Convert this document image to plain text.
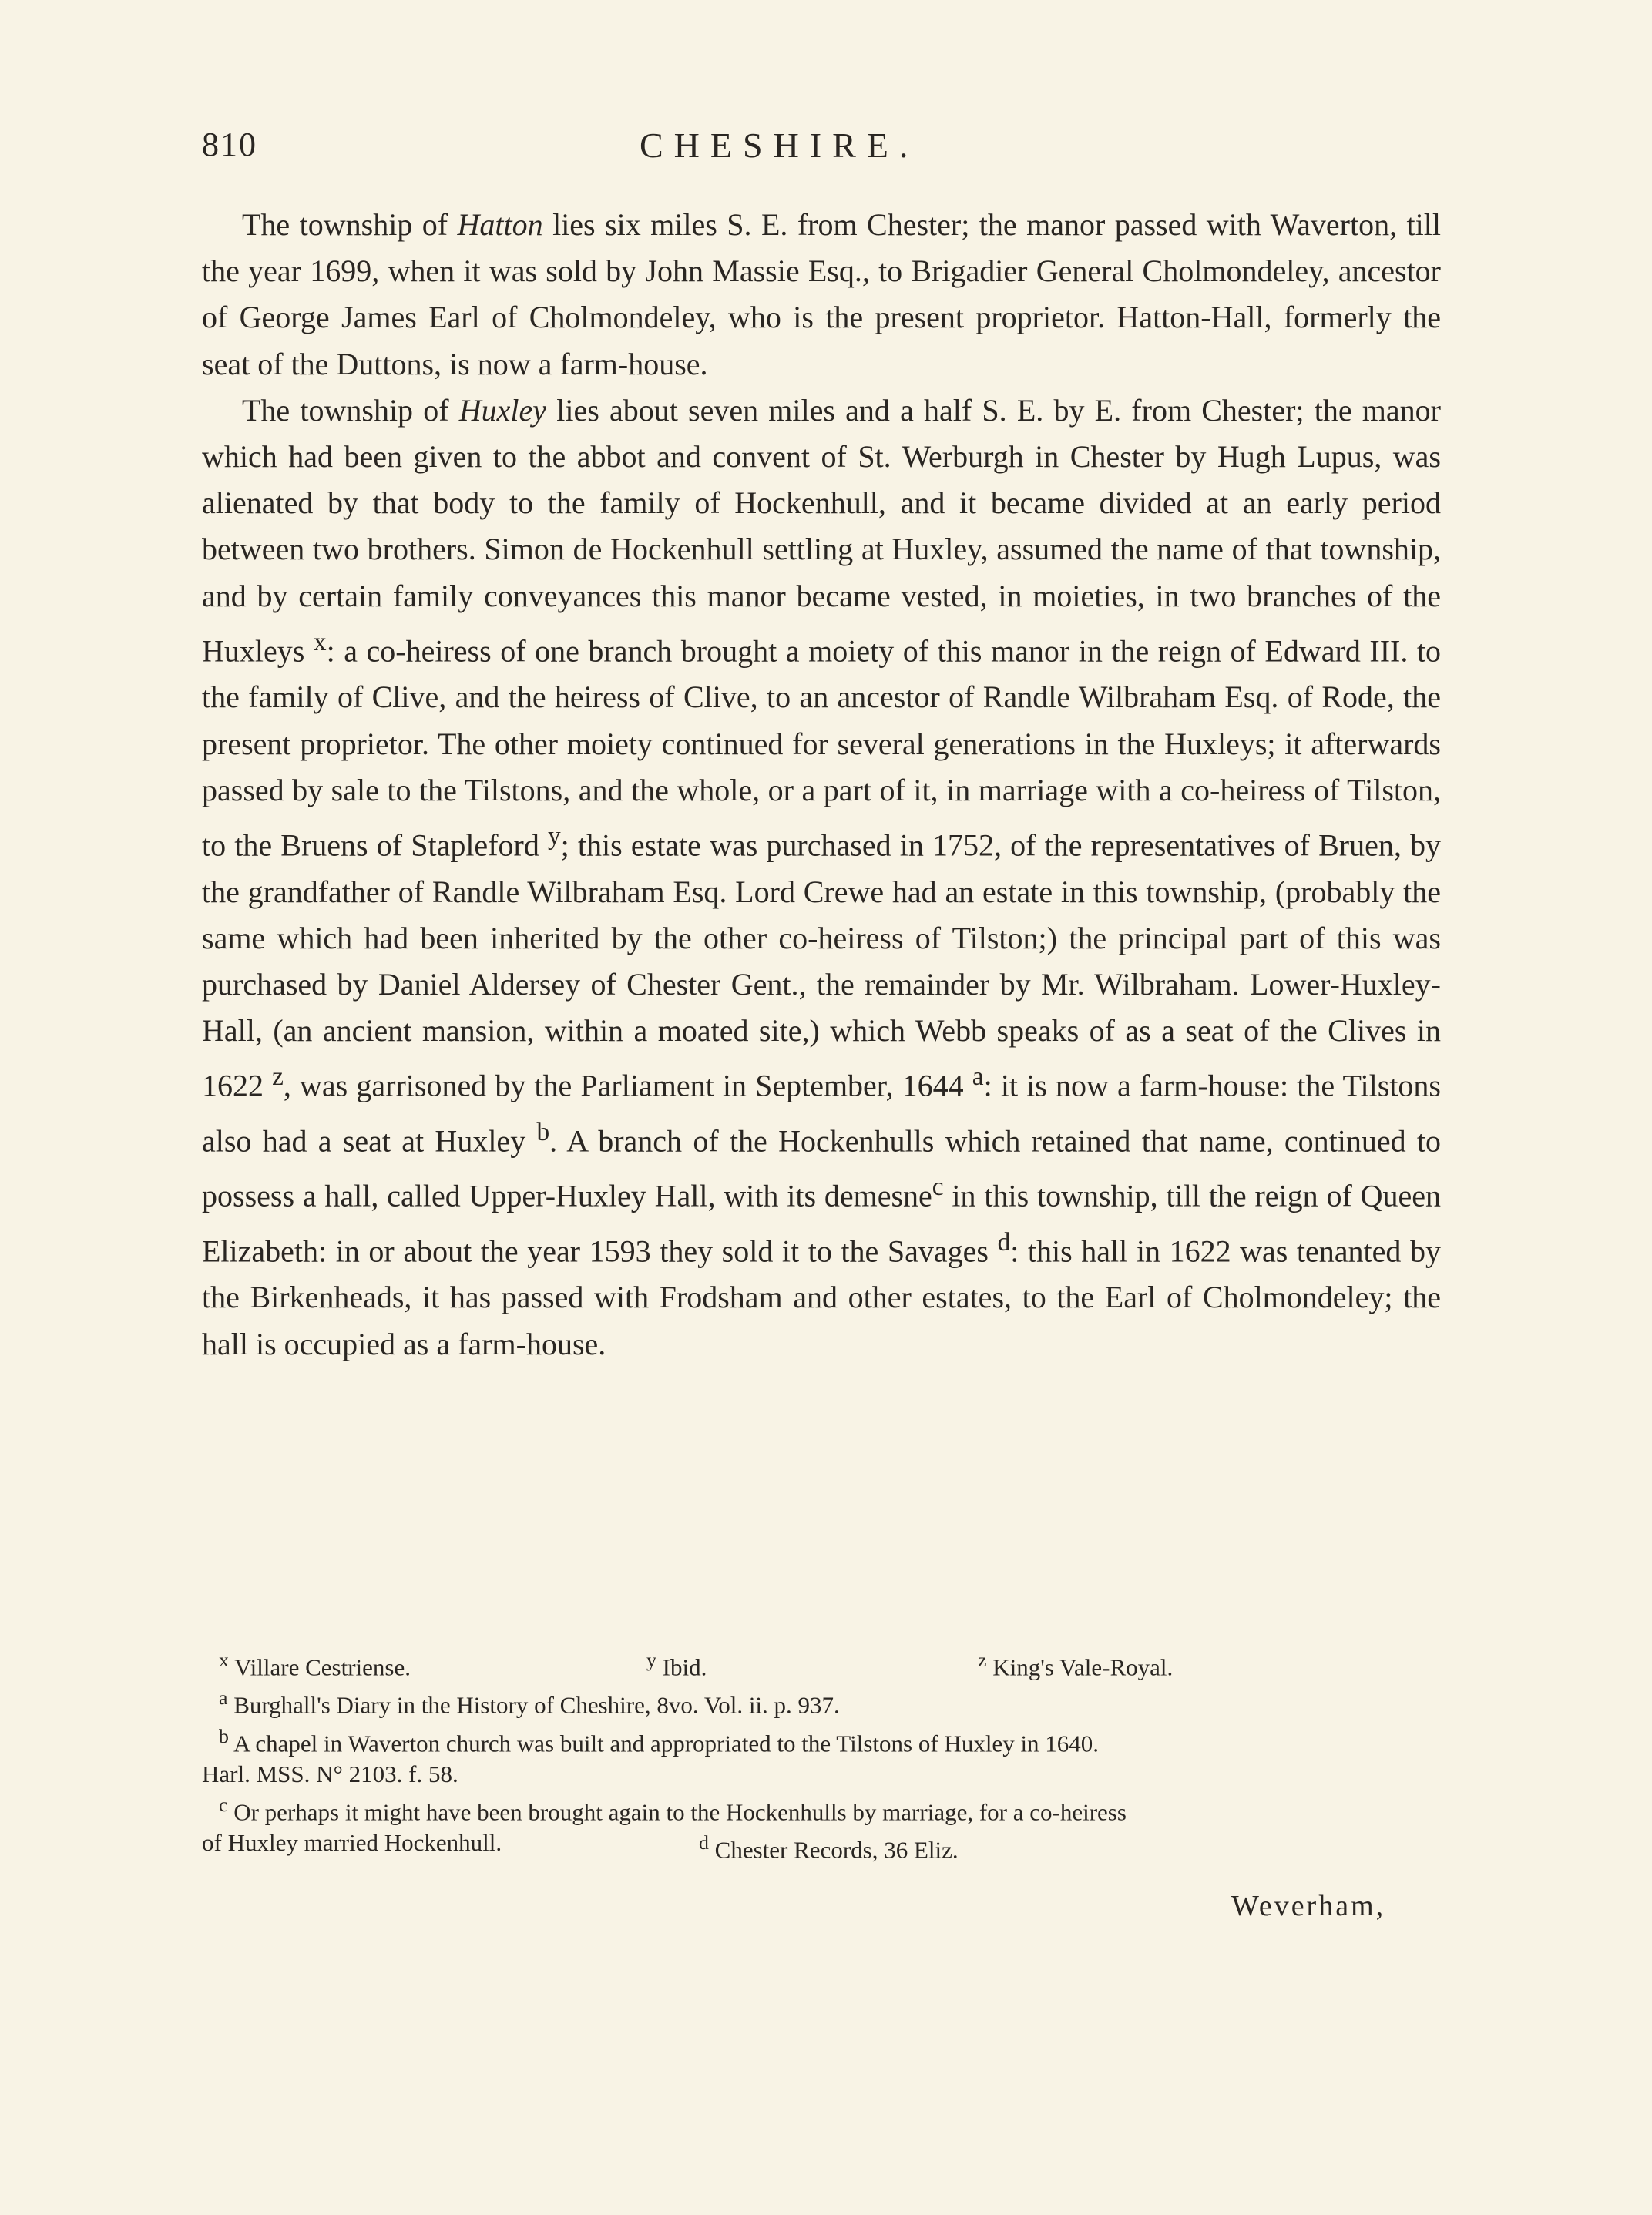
810	CHESHIRE.

The township of Hatton lies six miles S. E. from Chester; the manor passed with Waverton, till the year 1699, when it was sold by John Massie Esq., to Brigadier General Cholmondeley, ancestor of George James Earl of Cholmondeley, who is the present proprietor. Hatton-Hall, formerly the seat of the Duttons, is now a farm-house.

The township of Huxley lies about seven miles and a half S. E. by E. from Chester; the manor which had been given to the abbot and convent of St. Werburgh in Chester by Hugh Lupus, was alienated by that body to the family of Hockenhull, and it became divided at an early period between two brothers. Simon de Hockenhull settling at Huxley, assumed the name of that township, and by certain family conveyances this manor became vested, in moieties, in two branches of the Huxleys $^x$: a co-heiress of one branch brought a moiety of this manor in the reign of Edward III. to the family of Clive, and the heiress of Clive, to an ancestor of Randle Wilbraham Esq. of Rode, the present proprietor. The other moiety continued for several generations in the Huxleys; it afterwards passed by sale to the Tilstons, and the whole, or a part of it, in marriage with a co-heiress of Tilston, to the Bruens of Stapleford $^y$; this estate was purchased in 1752, of the representatives of Bruen, by the grandfather of Randle Wilbraham Esq. Lord Crewe had an estate in this township, (probably the same which had been inherited by the other co-heiress of Tilston;) the principal part of this was purchased by Daniel Aldersey of Chester Gent., the remainder by Mr. Wilbraham. Lower-Huxley-Hall, (an ancient mansion, within a moated site,) which Webb speaks of as a seat of the Clives in 1622 $^z$, was garrisoned by the Parliament in September, 1644 $^a$: it is now a farm-house: the Tilstons also had a seat at Huxley $^b$. A branch of the Hockenhulls which retained that name, continued to possess a hall, called Upper-Huxley Hall, with its demesne$^c$ in this township, till the reign of Queen Elizabeth: in or about the year 1593 they sold it to the Savages $^d$: this hall in 1622 was tenanted by the Birkenheads, it has passed with Frodsham and other estates, to the Earl of Cholmondeley; the hall is occupied as a farm-house.

$^x$ Villare Cestriense.	$^y$ Ibid.	$^z$ King's Vale-Royal.
$^a$ Burghall's Diary in the History of Cheshire, 8vo. Vol. ii. p. 937.
$^b$ A chapel in Waverton church was built and appropriated to the Tilstons of Huxley in 1640.
Harl. MSS. N° 2103. f. 58.
$^c$ Or perhaps it might have been brought again to the Hockenhulls by marriage, for a co-heiress
of Huxley married Hockenhull.	$^d$ Chester Records, 36 Eliz.
Weverham,
